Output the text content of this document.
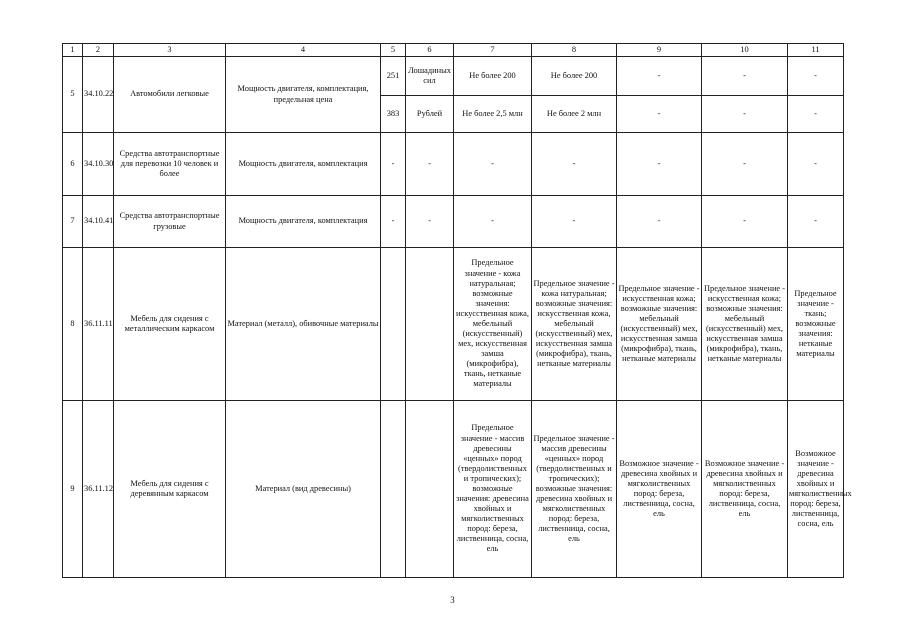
1	2	3	4	5	6	7	8	9	10	11
5	34.10.22	Автомобили легковые	Мощность двигателя, комплектация, предельная цена	251	Лошадиных сил	Не более 200	Не более 200	-	-	-
				383	Рублей	Не более 2,5 млн	Не более 2 млн	-	-	-
6	34.10.30	Средства автотранспортные для перевозки 10 человек и более	Мощность двигателя, комплектация	-	-	-	-	-	-	-
7	34.10.41	Средства автотранспортные грузовые	Мощность двигателя, комплектация	-	-	-	-	-	-	-
8	36.11.11	Мебель для сидения с металлическим каркасом	Материал (металл), обивочные материалы			Предельное значение - кожа натуральная; возможные значения: искусственная кожа, мебельный (искусственный) мех, искусственная замша (микрофибра), ткань, нетканые материалы	Предельное значение - кожа натуральная; возможные значения: искусственная кожа, мебельный (искусственный) мех, искусственная замша (микрофибра), ткань, нетканые материалы	Предельное значение - искусственная кожа; возможные значения: мебельный (искусственный) мех, искусственная замша (микрофибра), ткань, нетканые материалы	Предельное значение - искусственная кожа; возможные значения: мебельный (искусственный) мех, искусственная замша (микрофибра), ткань, нетканые материалы	Предельное значение - ткань; возможные значения: нетканые материалы
9	36.11.12	Мебель для сидения с деревянным каркасом	Материал (вид древесины)			Предельное значение - массив древесины «ценных» пород (твердолиственных и тропических); возможные значения: древесина хвойных и мягколиственных пород: береза, лиственница, сосна, ель	Предельное значение - массив древесины «ценных» пород (твердолиственных и тропических); возможные значения: древесина хвойных и мягколиственных пород: береза, лиственница, сосна, ель	Возможное значение - древесина хвойных и мягколиственных пород: береза, лиственница, сосна, ель	Возможное значение - древесина хвойных и мягколиственных пород: береза, лиственница, сосна, ель	Возможное значение - древесина хвойных и мягколиственных пород: береза, лиственница, сосна, ель
3
